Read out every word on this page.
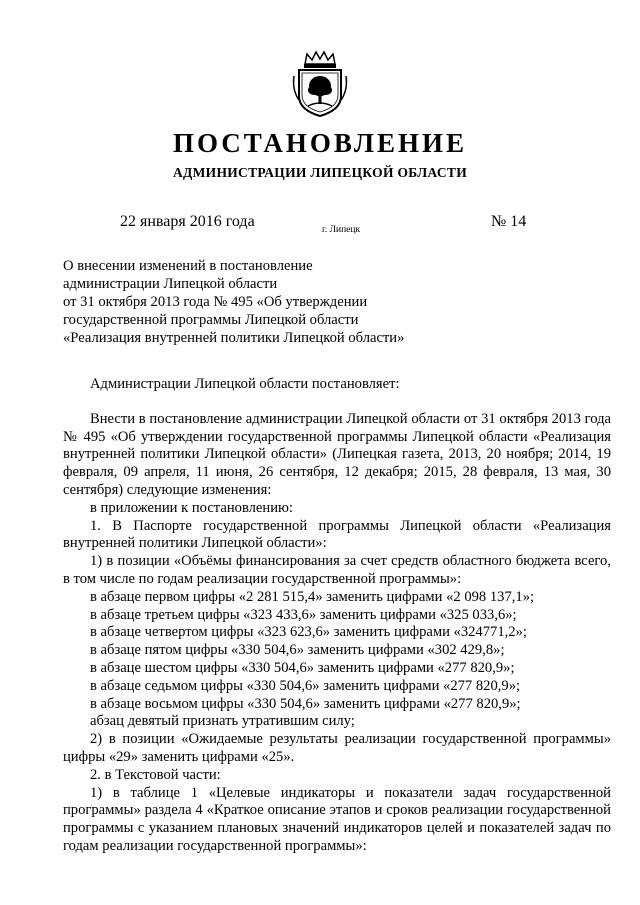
ПОСТАНОВЛЕНИЕ
АДМИНИСТРАЦИИ ЛИПЕЦКОЙ ОБЛАСТИ
22 января 2016 года	г. Липецк	№ 14
О внесении изменений в постановление
администрации Липецкой области
от 31 октября 2013 года № 495 «Об утверждении
государственной программы Липецкой области
«Реализация внутренней политики Липецкой области»

Администрации Липецкой области постановляет:

Внести в постановление администрации Липецкой области от 31 октября 2013 года № 495 «Об утверждении государственной программы Липецкой области «Реализация внутренней политики Липецкой области» (Липецкая газета, 2013, 20 ноября; 2014, 19 февраля, 09 апреля, 11 июня, 26 сентября, 12 декабря; 2015, 28 февраля, 13 мая, 30 сентября) следующие изменения:

в приложении к постановлению:

1. В Паспорте государственной программы Липецкой области «Реализация внутренней политики Липецкой области»:

1) в позиции «Объёмы финансирования за счет средств областного бюджета всего, в том числе по годам реализации государственной программы»:

в абзаце первом цифры «2 281 515,4» заменить цифрами «2 098 137,1»;

в абзаце третьем цифры «323 433,6» заменить цифрами «325 033,6»;

в абзаце четвертом цифры «323 623,6» заменить цифрами «324771,2»;

в абзаце пятом цифры «330 504,6» заменить цифрами «302 429,8»;

в абзаце шестом цифры «330 504,6» заменить цифрами «277 820,9»;

в абзаце седьмом цифры «330 504,6» заменить цифрами «277 820,9»;

в абзаце восьмом цифры «330 504,6» заменить цифрами «277 820,9»;

абзац девятый признать утратившим силу;

2) в позиции «Ожидаемые результаты реализации государственной программы» цифры «29» заменить цифрами «25».

2. в Текстовой части:

1) в таблице 1 «Целевые индикаторы и показатели задач государственной программы» раздела 4 «Краткое описание этапов и сроков реализации государственной программы с указанием плановых значений индикаторов целей и показателей задач по годам реализации государственной программы»:
